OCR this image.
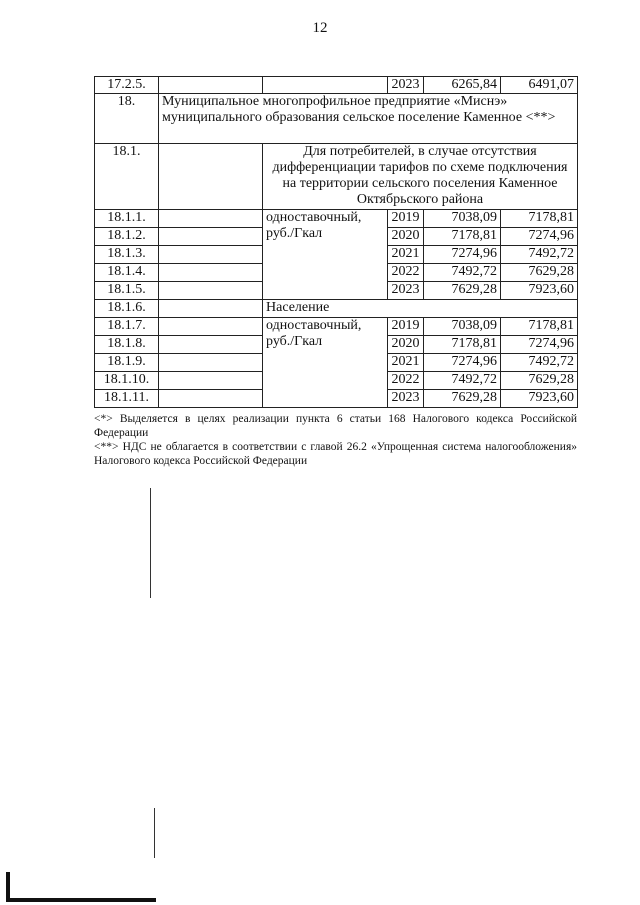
12
17.2.5.			2023	6265,84	6491,07
18.	Муниципальное многопрофильное предприятие «Миснэ» муниципального образования сельское поселение Каменное <**>				
18.1.		Для потребителей, в случае отсутствия дифференциации тарифов по схеме подключения на территории сельского поселения Каменное Октябрьского района			
18.1.1.		одноставочный, руб./Гкал	2019	7038,09	7178,81
18.1.2.			2020	7178,81	7274,96
18.1.3.			2021	7274,96	7492,72
18.1.4.			2022	7492,72	7629,28
18.1.5.			2023	7629,28	7923,60
18.1.6.		Население			
18.1.7.		одноставочный, руб./Гкал	2019	7038,09	7178,81
18.1.8.			2020	7178,81	7274,96
18.1.9.			2021	7274,96	7492,72
18.1.10.			2022	7492,72	7629,28
18.1.11.			2023	7629,28	7923,60

<*> Выделяется в целях реализации пункта 6 статьи 168 Налогового кодекса Российской Федерации

<**> НДС не облагается в соответствии с главой 26.2 «Упрощенная система налогообложения» Налогового кодекса Российской Федерации
